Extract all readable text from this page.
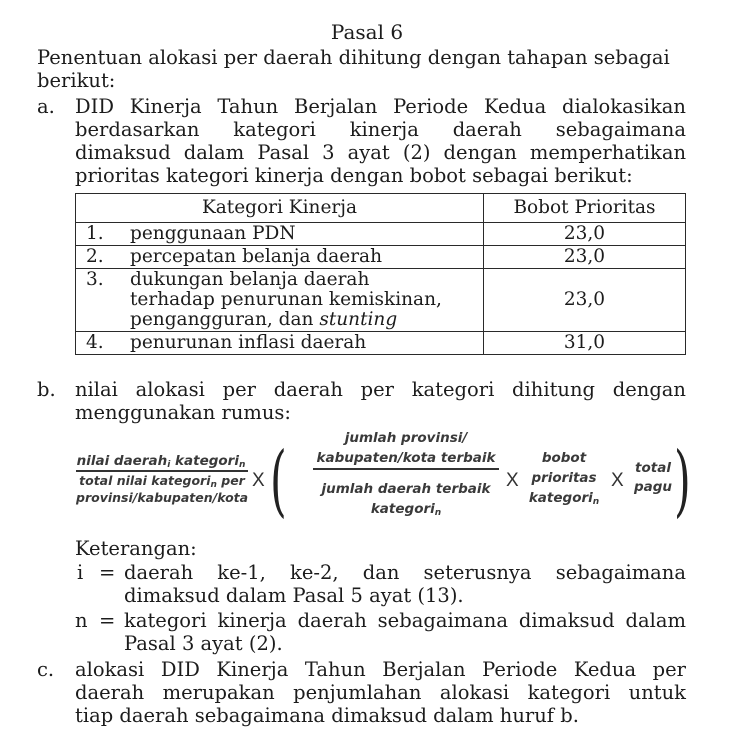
Pasal 6
Penentuan alokasi per daerah dihitung dengan tahapan sebagai
berikut:
a. DID Kinerja Tahun Berjalan Periode Kedua dialokasikan
berdasarkan kategori kinerja daerah sebagaimana
dimaksud dalam Pasal 3 ayat (2) dengan memperhatikan
prioritas kategori kinerja dengan bobot sebagai berikut:
Kategori Kinerja	Bobot Prioritas
1. penggunaan PDN	23,0
2. percepatan belanja daerah	23,0

3. dukungan belanja daerah
terhadap penurunan kemiskinan,
pengangguran, dan stunting	23,0
4. penurunan inflasi daerah	31,0
b. nilai alokasi per daerah per kategori dihitung dengan
menggunakan rumus:
nilai daerah$_i$ kategori$_n$
total nilai kategori$_n$ per
provinsi/kabupaten/kota
X (	jumlah provinsi/
kabupaten/kota terbaik
jumlah daerah terbaik
kategori$_n$
X
bobot
prioritas
kategori$_n$
X
total
pagu )
Keterangan:
i = daerah ke-1, ke-2, dan seterusnya sebagaimana
dimaksud dalam Pasal 5 ayat (13).
n = kategori kinerja daerah sebagaimana dimaksud dalam
Pasal 3 ayat (2).
c. alokasi DID Kinerja Tahun Berjalan Periode Kedua per
daerah merupakan penjumlahan alokasi kategori untuk
tiap daerah sebagaimana dimaksud dalam huruf b.
